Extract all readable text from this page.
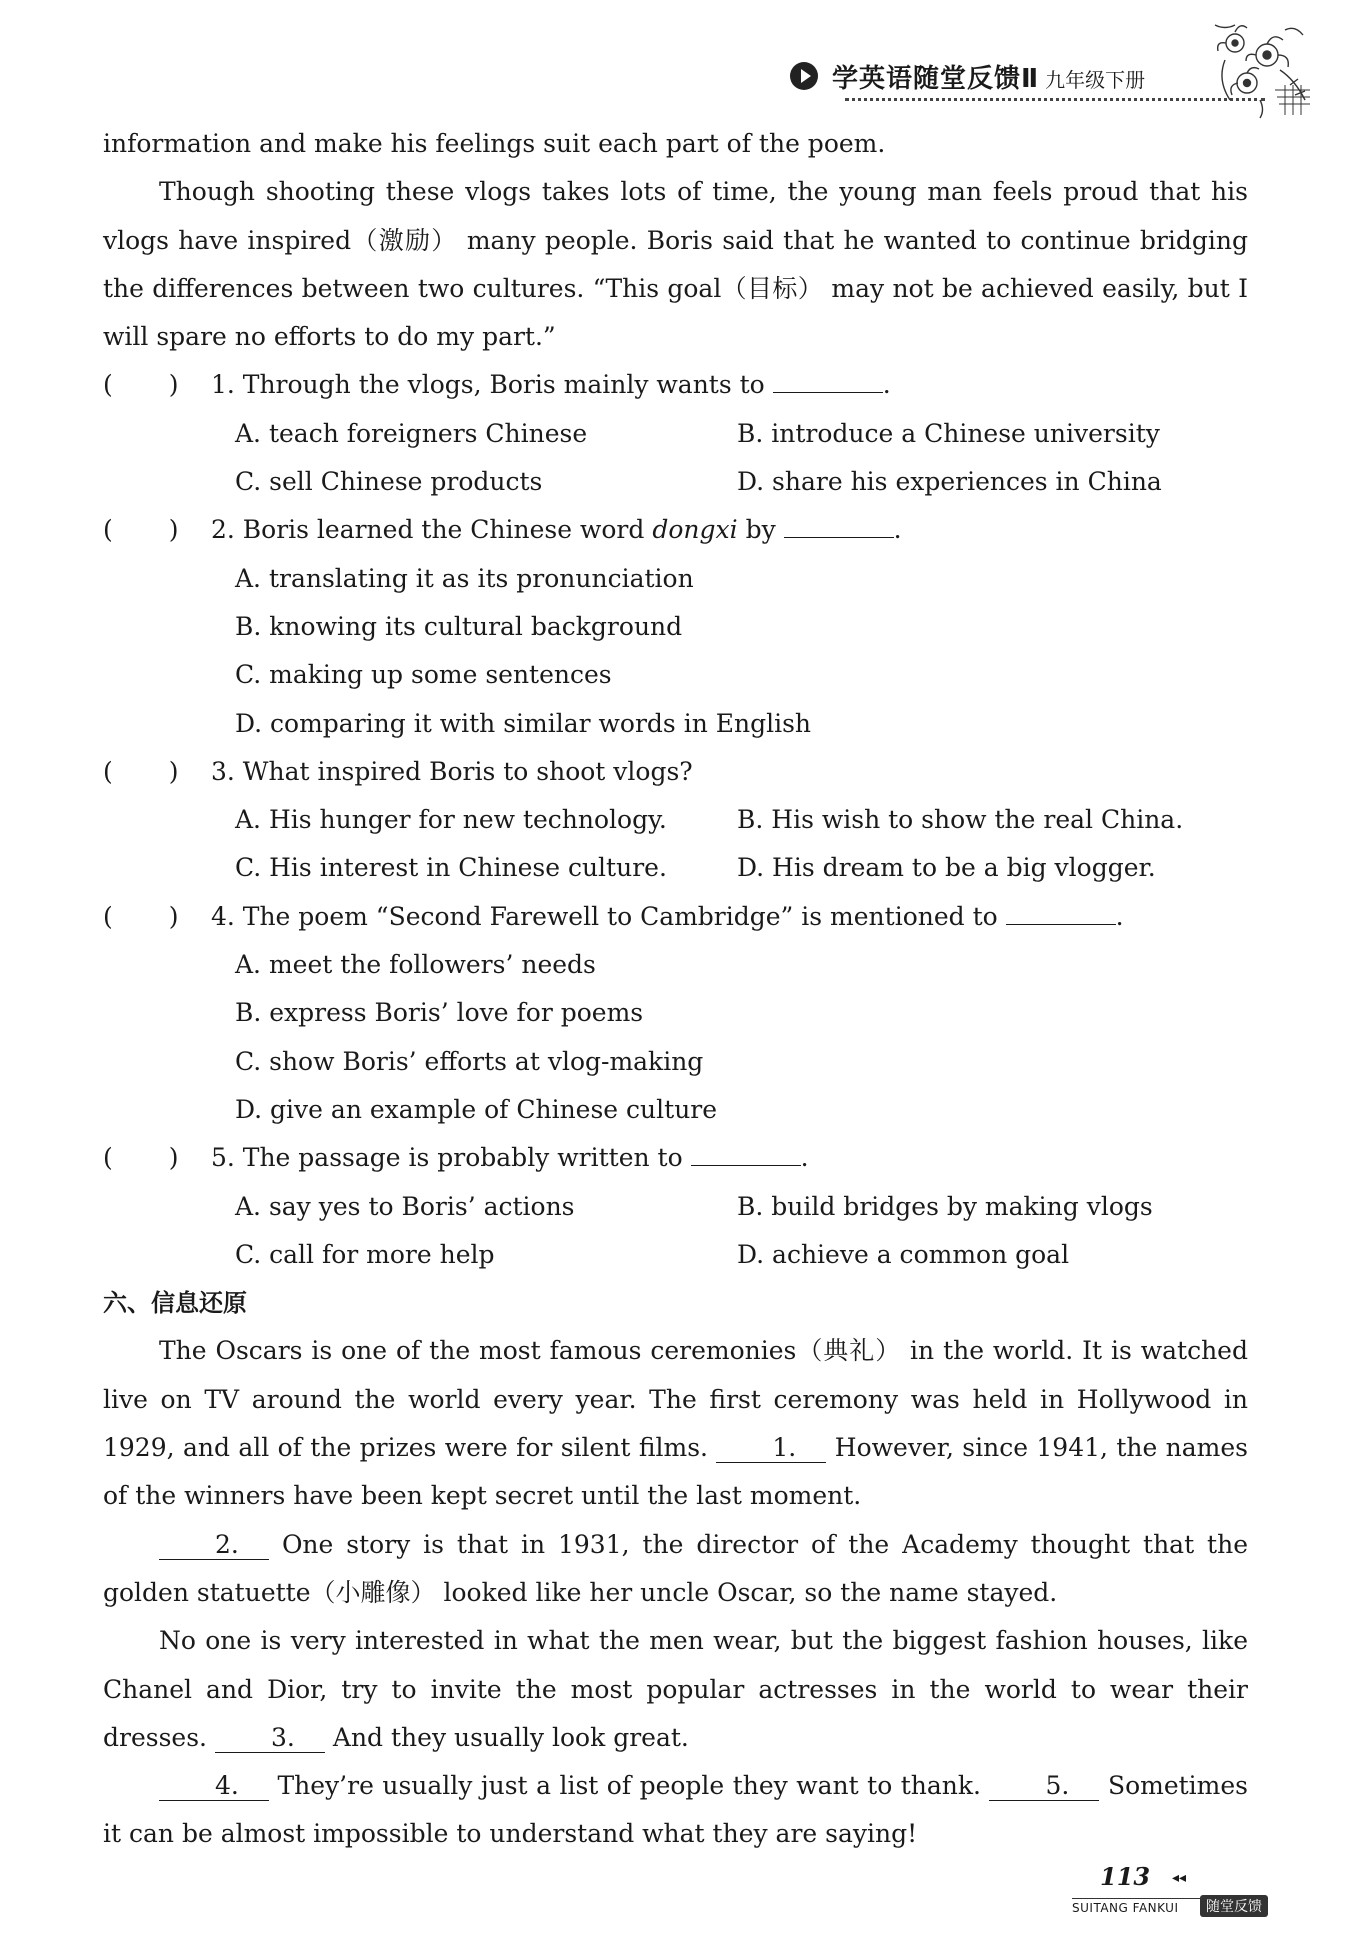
学英语随堂反馈Ⅱ 九年级下册

information and make his feelings suit each part of the poem.

Though shooting these vlogs takes lots of time, the young man feels proud that his vlogs have inspired（激励） many people. Boris said that he wanted to continue bridging the differences between two cultures. “This goal（目标） may not be achieved easily, but I will spare no efforts to do my part.”

( ) 1. Through the vlogs, Boris mainly wants to	.

A. teach foreigners Chinese	B. introduce a Chinese university
C. sell Chinese products	D. share his experiences in China

( ) 2. Boris learned the Chinese word dongxi by	.

A. translating it as its pronunciation

B. knowing its cultural background

C. making up some sentences

D. comparing it with similar words in English

( ) 3. What inspired Boris to shoot vlogs?

A. His hunger for new technology.	B. His wish to show the real China.
C. His interest in Chinese culture.	D. His dream to be a big vlogger.

( ) 4. The poem “Second Farewell to Cambridge” is mentioned to	.

A. meet the followers’ needs

B. express Boris’ love for poems

C. show Boris’ efforts at vlog-making

D. give an example of Chinese culture

( ) 5. The passage is probably written to	.

A. say yes to Boris’ actions	B. build bridges by making vlogs
C. call for more help	D. achieve a common goal

六、信息还原

The Oscars is one of the most famous ceremonies（典礼） in the world. It is watched live on TV around the world every year. The first ceremony was held in Hollywood in 1929, and all of the prizes were for silent films.	1. However, since 1941, the names of the winners have been kept secret until the last moment.

2. One story is that in 1931, the director of the Academy thought that the golden statuette（小雕像） looked like her uncle Oscar, so the name stayed.

No one is very interested in what the men wear, but the biggest fashion houses, like Chanel and Dior, try to invite the most popular actresses in the world to wear their dresses.	3. And they usually look great.

4. They’re usually just a list of people they want to thank.	5. Sometimes it can be almost impossible to understand what they are saying!

113 ◂◂
SUITANG FANKUI	随堂反馈
